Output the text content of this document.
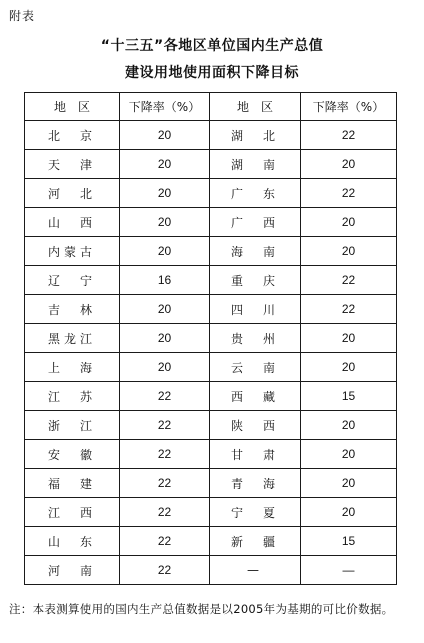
附表
“十三五”各地区单位国内生产总值
建设用地使用面积下降目标
地　区	下降率（%）	地　区	下降率（%）
北　京	20	湖　北	22
天　津	20	湖　南	20
河　北	20	广　东	22
山　西	20	广　西	20
内蒙古	20	海　南	20
辽　宁	16	重　庆	22
吉　林	20	四　川	22
黑龙江	20	贵　州	20
上　海	20	云　南	20
江　苏	22	西　藏	15
浙　江	22	陕　西	20
安　徽	22	甘　肃	20
福　建	22	青　海	20
江　西	22	宁　夏	20
山　东	22	新　疆	15
河　南	22	—	—
注：本表测算使用的国内生产总值数据是以2005年为基期的可比价数据。
